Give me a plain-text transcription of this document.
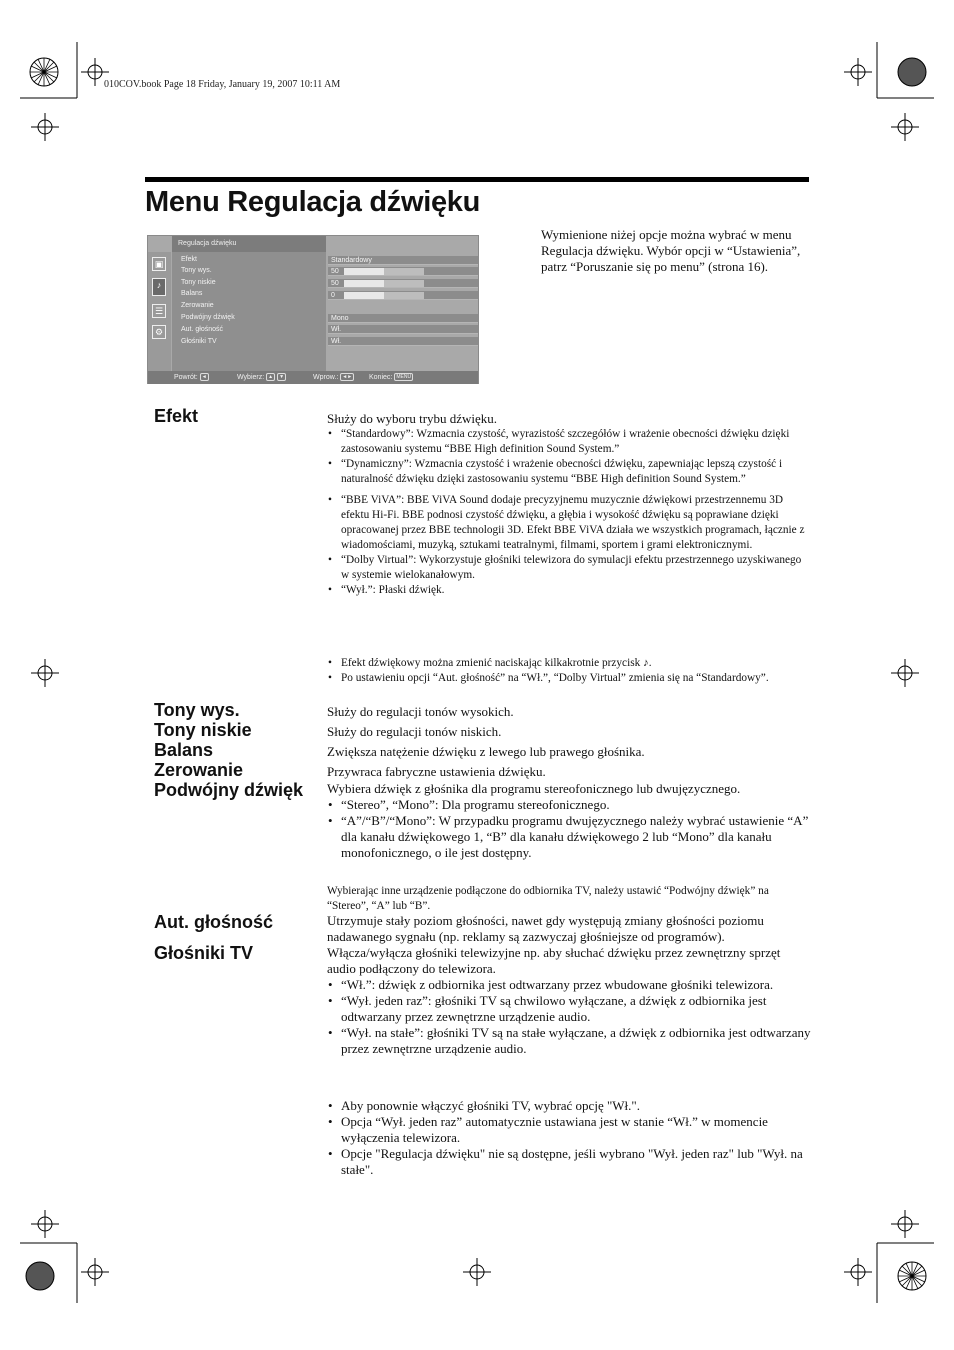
010COV.book Page 18 Friday, January 19, 2007 10:11 AM
Menu Regulacja dźwięku
Wymienione niżej opcje można wybrać w menu Regulacja dźwięku. Wybór opcji w “Ustawienia”, patrz “Poruszanie się po menu” (strona 16).
Regulacja dźwięku
▣
♪
☰
⚙
Efekt
Tony wys.
Tony niskie
Balans
Zerowanie
Podwójny dźwięk
Aut. głośność
Głośniki TV
Standardowy
50
50
0
Mono
Wł.
Wł.
Powrót: ◄	Wybierz: ▲ ▼	Wprow.: ◄► Koniec: MENU
Efekt
Tony wys.
Tony niskie
Balans
Zerowanie
Podwójny dźwięk
Aut. głośność
Głośniki TV
Służy do wyboru trybu dźwięku.
• “Standardowy”: Wzmacnia czystość, wyrazistość szczegółów i wrażenie obecności dźwięku dzięki zastosowaniu systemu “BBE High definition Sound System.”
• “Dynamiczny”: Wzmacnia czystość i wrażenie obecności dźwięku, zapewniając lepszą czystość i naturalność dźwięku dzięki zastosowaniu systemu “BBE High definition Sound System.”
• “BBE ViVA”: BBE ViVA Sound dodaje precyzyjnemu muzycznie dźwiękowi przestrzennemu 3D efektu Hi-Fi. BBE podnosi czystość dźwięku, a głębia i wysokość dźwięku są poprawiane dzięki opracowanej przez BBE technologii 3D. Efekt BBE ViVA działa we wszystkich programach, łącznie z wiadomościami, muzyką, sztukami teatralnymi, filmami, sportem i grami elektronicznymi.
• “Dolby Virtual”: Wykorzystuje głośniki telewizora do symulacji efektu przestrzennego uzyskiwanego w systemie wielokanałowym.
• “Wył.”: Płaski dźwięk.
• Efekt dźwiękowy można zmienić naciskając kilkakrotnie przycisk ♪.
• Po ustawieniu opcji “Aut. głośność” na “Wł.”, “Dolby Virtual” zmienia się na “Standardowy”.
Służy do regulacji tonów wysokich.
Służy do regulacji tonów niskich.
Zwiększa natężenie dźwięku z lewego lub prawego głośnika.
Przywraca fabryczne ustawienia dźwięku.
Wybiera dźwięk z głośnika dla programu stereofonicznego lub dwujęzycznego.
• “Stereo”, “Mono”: Dla programu stereofonicznego.
• “A”/“B”/“Mono”: W przypadku programu dwujęzycznego należy wybrać ustawienie “A” dla kanału dźwiękowego 1, “B” dla kanału dźwiękowego 2 lub “Mono” dla kanału monofonicznego, o ile jest dostępny.
Wybierając inne urządzenie podłączone do odbiornika TV, należy ustawić “Podwójny dźwięk” na “Stereo”, “A” lub “B”.
Utrzymuje stały poziom głośności, nawet gdy występują zmiany głośności poziomu nadawanego sygnału (np. reklamy są zazwyczaj głośniejsze od programów).
Włącza/wyłącza głośniki telewizyjne np. aby słuchać dźwięku przez zewnętrzny sprzęt audio podłączony do telewizora.
• “Wł.”: dźwięk z odbiornika jest odtwarzany przez wbudowane głośniki telewizora.
• “Wył. jeden raz”: głośniki TV są chwilowo wyłączane, a dźwięk z odbiornika jest odtwarzany przez zewnętrzne urządzenie audio.
• “Wył. na stałe”: głośniki TV są na stałe wyłączane, a dźwięk z odbiornika jest odtwarzany przez zewnętrzne urządzenie audio.
• Aby ponownie włączyć głośniki TV, wybrać opcję "Wł.".
• Opcja “Wył. jeden raz” automatycznie ustawiana jest w stanie “Wł.” w momencie wyłączenia telewizora.
• Opcje "Regulacja dźwięku" nie są dostępne, jeśli wybrano "Wył. jeden raz" lub "Wył. na stałe".
